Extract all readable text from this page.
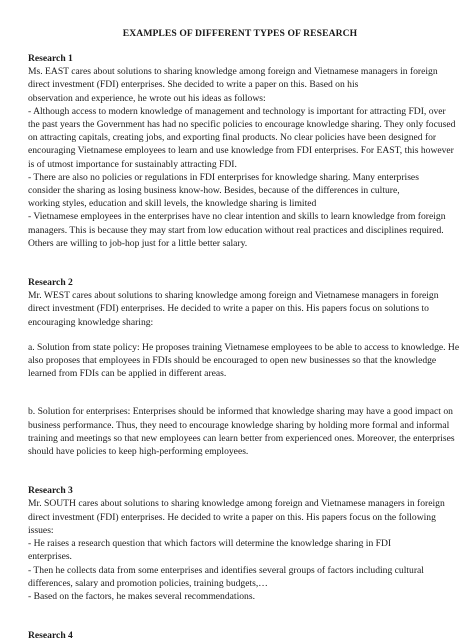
EXAMPLES OF DIFFERENT TYPES OF RESEARCH
Research 1
Ms. EAST cares about solutions to sharing knowledge among foreign and Vietnamese managers in foreign
direct investment (FDI) enterprises. She decided to write a paper on this. Based on his
observation and experience, he wrote out his ideas as follows:
- Although access to modern knowledge of management and technology is important for attracting FDI, over
the past years the Government has had no specific policies to encourage knowledge sharing. They only focused
on attracting capitals, creating jobs, and exporting final products. No clear policies have been designed for
encouraging Vietnamese employees to learn and use knowledge from FDI enterprises. For EAST, this however
is of utmost importance for sustainably attracting FDI.
- There are also no policies or regulations in FDI enterprises for knowledge sharing. Many enterprises
consider the sharing as losing business know-how. Besides, because of the differences in culture,
working styles, education and skill levels, the knowledge sharing is limited
- Vietnamese employees in the enterprises have no clear intention and skills to learn knowledge from foreign
managers. This is because they may start from low education without real practices and disciplines required.
Others are willing to job-hop just for a little better salary.
Research 2
Mr. WEST cares about solutions to sharing knowledge among foreign and Vietnamese managers in foreign
direct investment (FDI) enterprises. He decided to write a paper on this. His papers focus on solutions to
encouraging knowledge sharing:
a. Solution from state policy: He proposes training Vietnamese employees to be able to access to knowledge. He
also proposes that employees in FDIs should be encouraged to open new businesses so that the knowledge
learned from FDIs can be applied in different areas.
b. Solution for enterprises: Enterprises should be informed that knowledge sharing may have a good impact on
business performance. Thus, they need to encourage knowledge sharing by holding more formal and informal
training and meetings so that new employees can learn better from experienced ones. Moreover, the enterprises
should have policies to keep high-performing employees.
Research 3
Mr. SOUTH cares about solutions to sharing knowledge among foreign and Vietnamese managers in foreign
direct investment (FDI) enterprises. He decided to write a paper on this. His papers focus on the following
issues:
- He raises a research question that which factors will determine the knowledge sharing in FDI
enterprises.
- Then he collects data from some enterprises and identifies several groups of factors including cultural
differences, salary and promotion policies, training budgets,…
- Based on the factors, he makes several recommendations.
Research 4
